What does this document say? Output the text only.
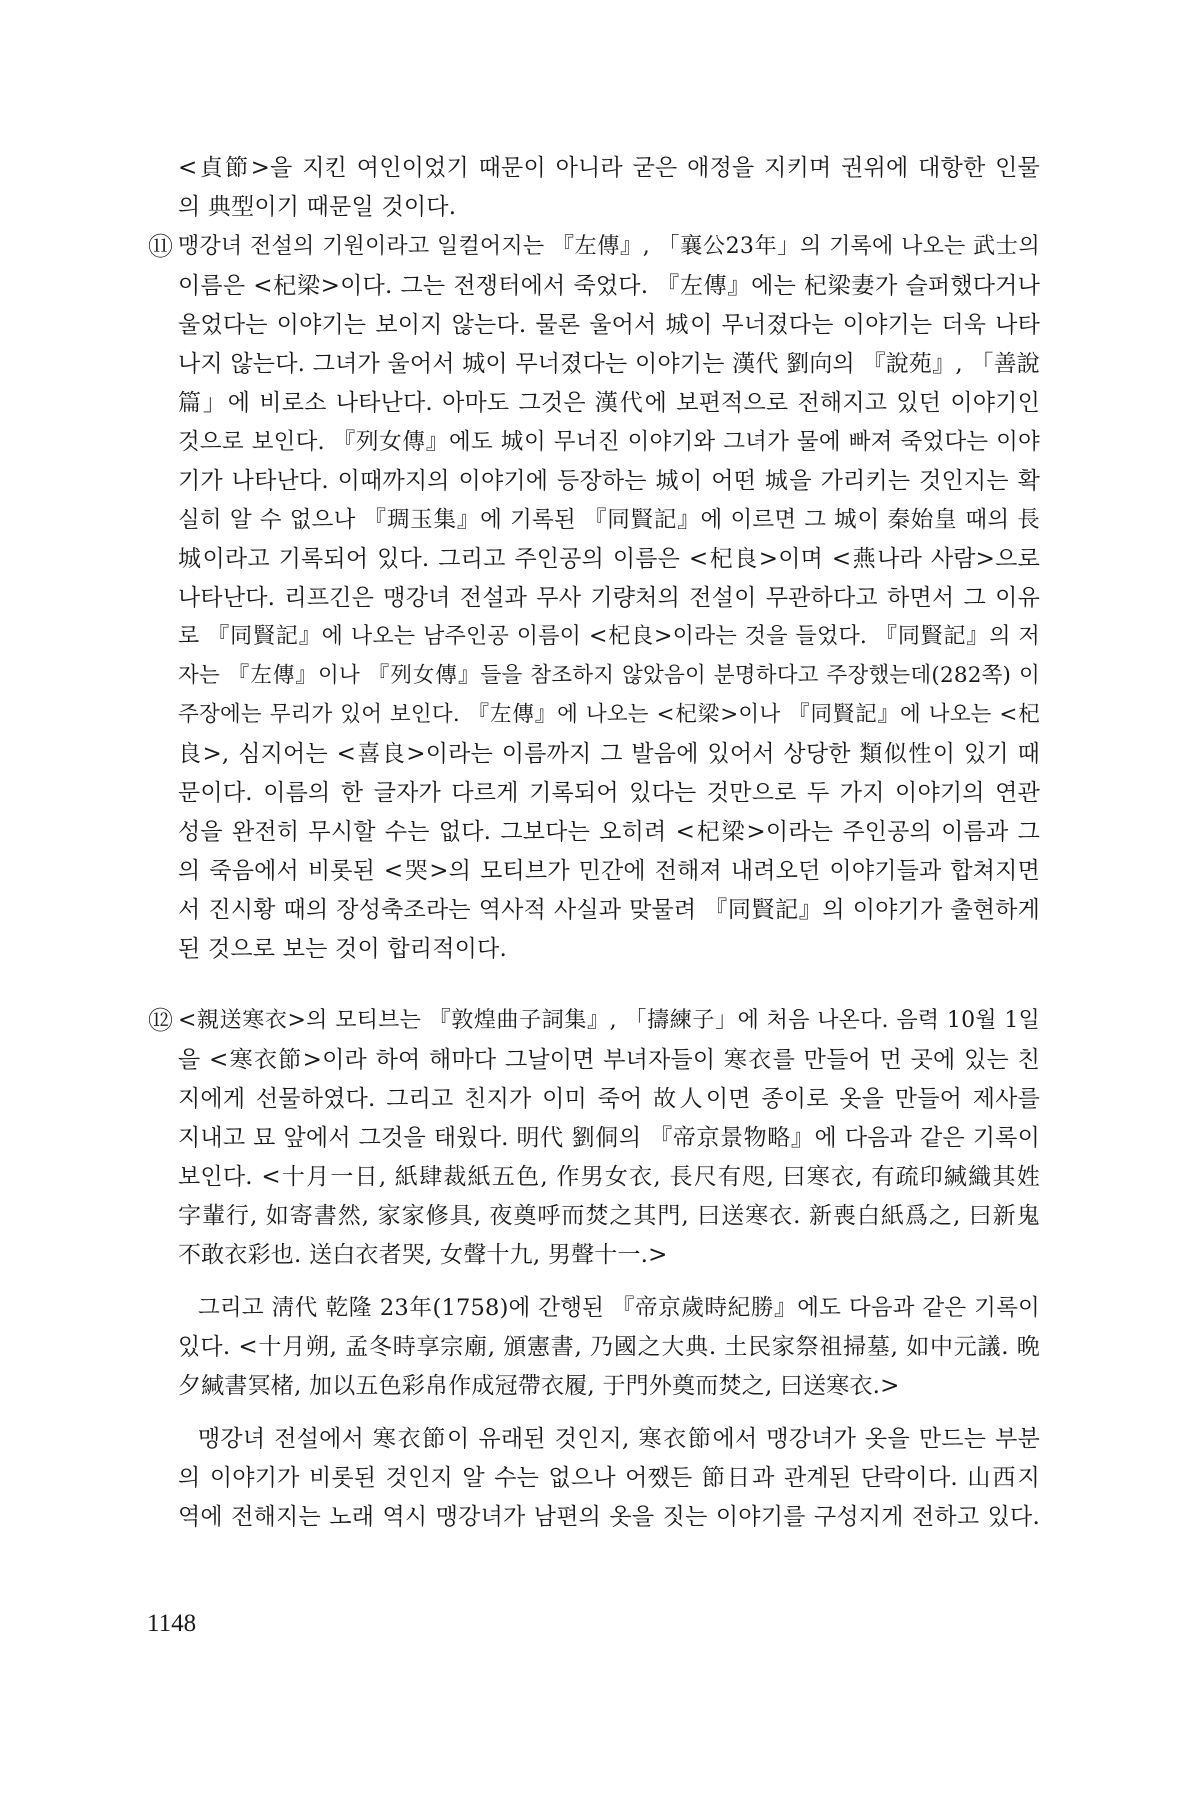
<貞節>을 지킨 여인이었기 때문이 아니라 굳은 애정을 지키며 권위에 대항한 인물
의 典型이기 때문일 것이다.
⑪ 맹강녀 전설의 기원이라고 일컬어지는 『左傳』, 「襄公23年」의 기록에 나오는 武士의
이름은 <杞梁>이다. 그는 전쟁터에서 죽었다. 『左傳』에는 杞梁妻가 슬퍼했다거나
울었다는 이야기는 보이지 않는다. 물론 울어서 城이 무너졌다는 이야기는 더욱 나타
나지 않는다. 그녀가 울어서 城이 무너졌다는 이야기는 漢代 劉向의 『說苑』, 「善說
篇」에 비로소 나타난다. 아마도 그것은 漢代에 보편적으로 전해지고 있던 이야기인
것으로 보인다. 『列女傳』에도 城이 무너진 이야기와 그녀가 물에 빠져 죽었다는 이야
기가 나타난다. 이때까지의 이야기에 등장하는 城이 어떤 城을 가리키는 것인지는 확
실히 알 수 없으나 『琱玉集』에 기록된 『同賢記』에 이르면 그 城이 秦始皇 때의 長
城이라고 기록되어 있다. 그리고 주인공의 이름은 <杞良>이며 <燕나라 사람>으로
나타난다. 리프긴은 맹강녀 전설과 무사 기량처의 전설이 무관하다고 하면서 그 이유
로 『同賢記』에 나오는 남주인공 이름이 <杞良>이라는 것을 들었다. 『同賢記』의 저
자는 『左傳』이나 『列女傳』들을 참조하지 않았음이 분명하다고 주장했는데(282쪽) 이
주장에는 무리가 있어 보인다. 『左傳』에 나오는 <杞梁>이나 『同賢記』에 나오는 <杞
良>, 심지어는 <喜良>이라는 이름까지 그 발음에 있어서 상당한 類似性이 있기 때
문이다. 이름의 한 글자가 다르게 기록되어 있다는 것만으로 두 가지 이야기의 연관
성을 완전히 무시할 수는 없다. 그보다는 오히려 <杞梁>이라는 주인공의 이름과 그
의 죽음에서 비롯된 <哭>의 모티브가 민간에 전해져 내려오던 이야기들과 합쳐지면
서 진시황 때의 장성축조라는 역사적 사실과 맞물려 『同賢記』의 이야기가 출현하게
된 것으로 보는 것이 합리적이다.
⑫ <親送寒衣>의 모티브는 『敦煌曲子詞集』, 「擣練子」에 처음 나온다. 음력 10월 1일
을 <寒衣節>이라 하여 해마다 그날이면 부녀자들이 寒衣를 만들어 먼 곳에 있는 친
지에게 선물하였다. 그리고 친지가 이미 죽어 故人이면 종이로 옷을 만들어 제사를
지내고 묘 앞에서 그것을 태웠다. 明代 劉侗의 『帝京景物略』에 다음과 같은 기록이
보인다. <十月一日, 紙肆裁紙五色, 作男女衣, 長尺有咫, 曰寒衣, 有疏印緘織其姓
字輩行, 如寄書然, 家家修具, 夜奠呼而焚之其門, 曰送寒衣. 新喪白紙爲之, 曰新鬼
不敢衣彩也. 送白衣者哭, 女聲十九, 男聲十一.>
그리고 淸代 乾隆 23年(1758)에 간행된 『帝京歲時紀勝』에도 다음과 같은 기록이
있다. <十月朔, 孟冬時享宗廟, 頒憲書, 乃國之大典. 土民家祭祖掃墓, 如中元議. 晩
夕緘書冥楮, 加以五色彩帛作成冠帶衣履, 于門外奠而焚之, 曰送寒衣.>
맹강녀 전설에서 寒衣節이 유래된 것인지, 寒衣節에서 맹강녀가 옷을 만드는 부분
의 이야기가 비롯된 것인지 알 수는 없으나 어쨌든 節日과 관계된 단락이다. 山西지
역에 전해지는 노래 역시 맹강녀가 남편의 옷을 짓는 이야기를 구성지게 전하고 있다.
1148
